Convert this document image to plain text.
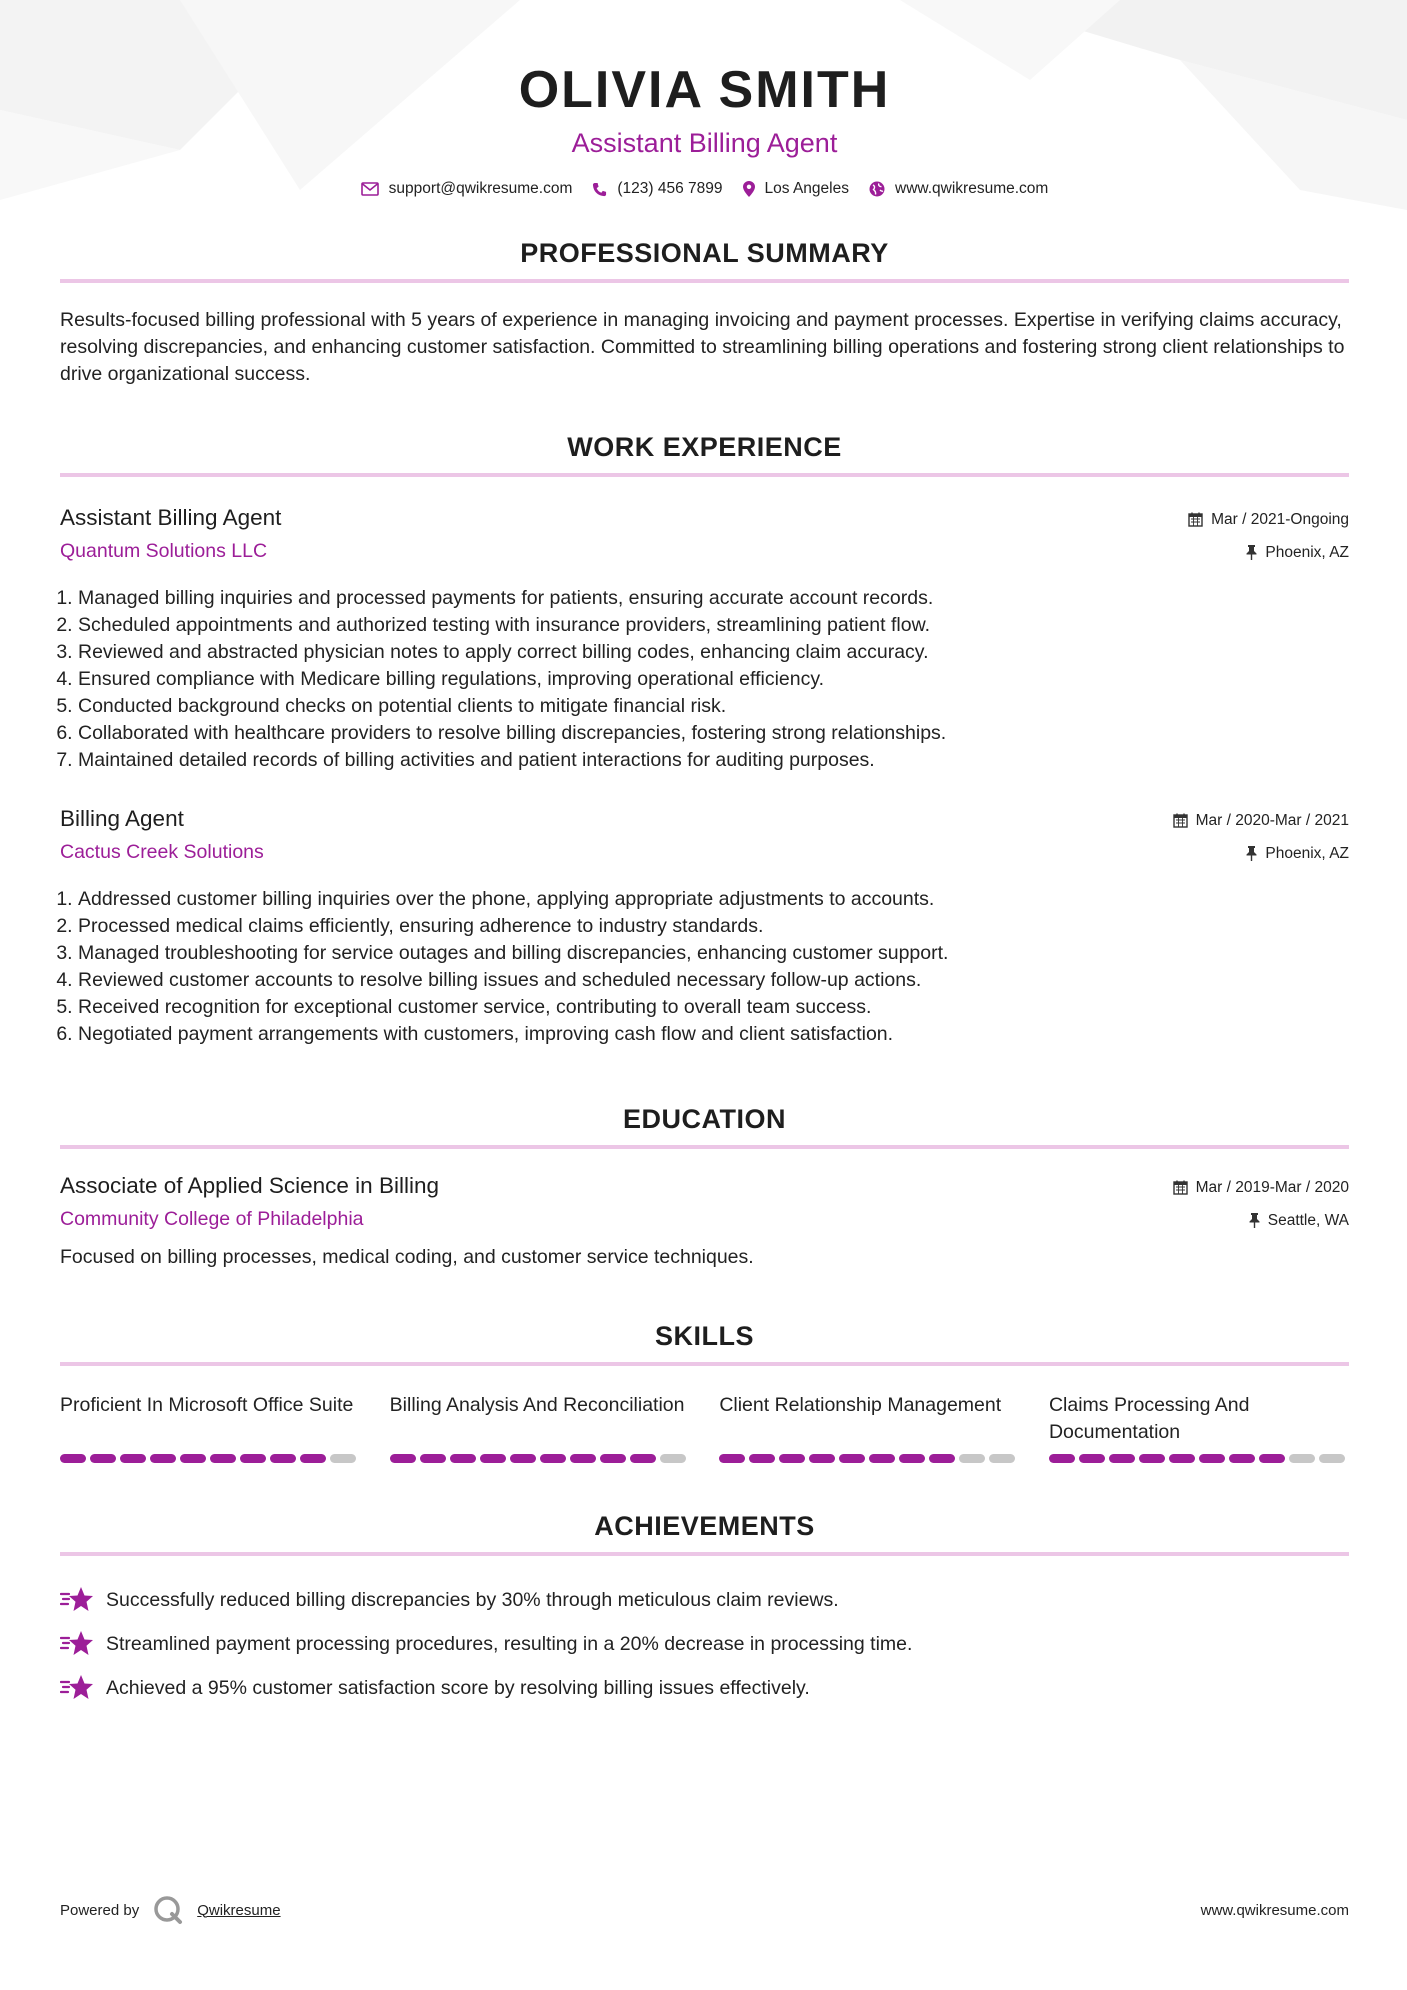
OLIVIA SMITH
Assistant Billing Agent
support@qwikresume.com	(123) 456 7899	Los Angeles	www.qwikresume.com
PROFESSIONAL SUMMARY
Results-focused billing professional with 5 years of experience in managing invoicing and payment processes. Expertise in verifying claims accuracy, resolving discrepancies, and enhancing customer satisfaction. Committed to streamlining billing operations and fostering strong client relationships to drive organizational success.
WORK EXPERIENCE
Assistant Billing Agent
Quantum Solutions LLC
Mar / 2021-Ongoing
Phoenix, AZ
1. Managed billing inquiries and processed payments for patients, ensuring accurate account records.
2. Scheduled appointments and authorized testing with insurance providers, streamlining patient flow.
3. Reviewed and abstracted physician notes to apply correct billing codes, enhancing claim accuracy.
4. Ensured compliance with Medicare billing regulations, improving operational efficiency.
5. Conducted background checks on potential clients to mitigate financial risk.
6. Collaborated with healthcare providers to resolve billing discrepancies, fostering strong relationships.
7. Maintained detailed records of billing activities and patient interactions for auditing purposes.
Billing Agent
Cactus Creek Solutions
Mar / 2020-Mar / 2021
Phoenix, AZ
1. Addressed customer billing inquiries over the phone, applying appropriate adjustments to accounts.
2. Processed medical claims efficiently, ensuring adherence to industry standards.
3. Managed troubleshooting for service outages and billing discrepancies, enhancing customer support.
4. Reviewed customer accounts to resolve billing issues and scheduled necessary follow-up actions.
5. Received recognition for exceptional customer service, contributing to overall team success.
6. Negotiated payment arrangements with customers, improving cash flow and client satisfaction.
EDUCATION
Associate of Applied Science in Billing
Community College of Philadelphia
Mar / 2019-Mar / 2020
Seattle, WA
Focused on billing processes, medical coding, and customer service techniques.
SKILLS
Proficient In Microsoft Office Suite	Billing Analysis And Reconciliation Client Relationship Management	Claims Processing And Documentation
ACHIEVEMENTS
Successfully reduced billing discrepancies by 30% through meticulous claim reviews.
Streamlined payment processing procedures, resulting in a 20% decrease in processing time.
Achieved a 95% customer satisfaction score by resolving billing issues effectively.
Powered by	Qwikresume	www.qwikresume.com
